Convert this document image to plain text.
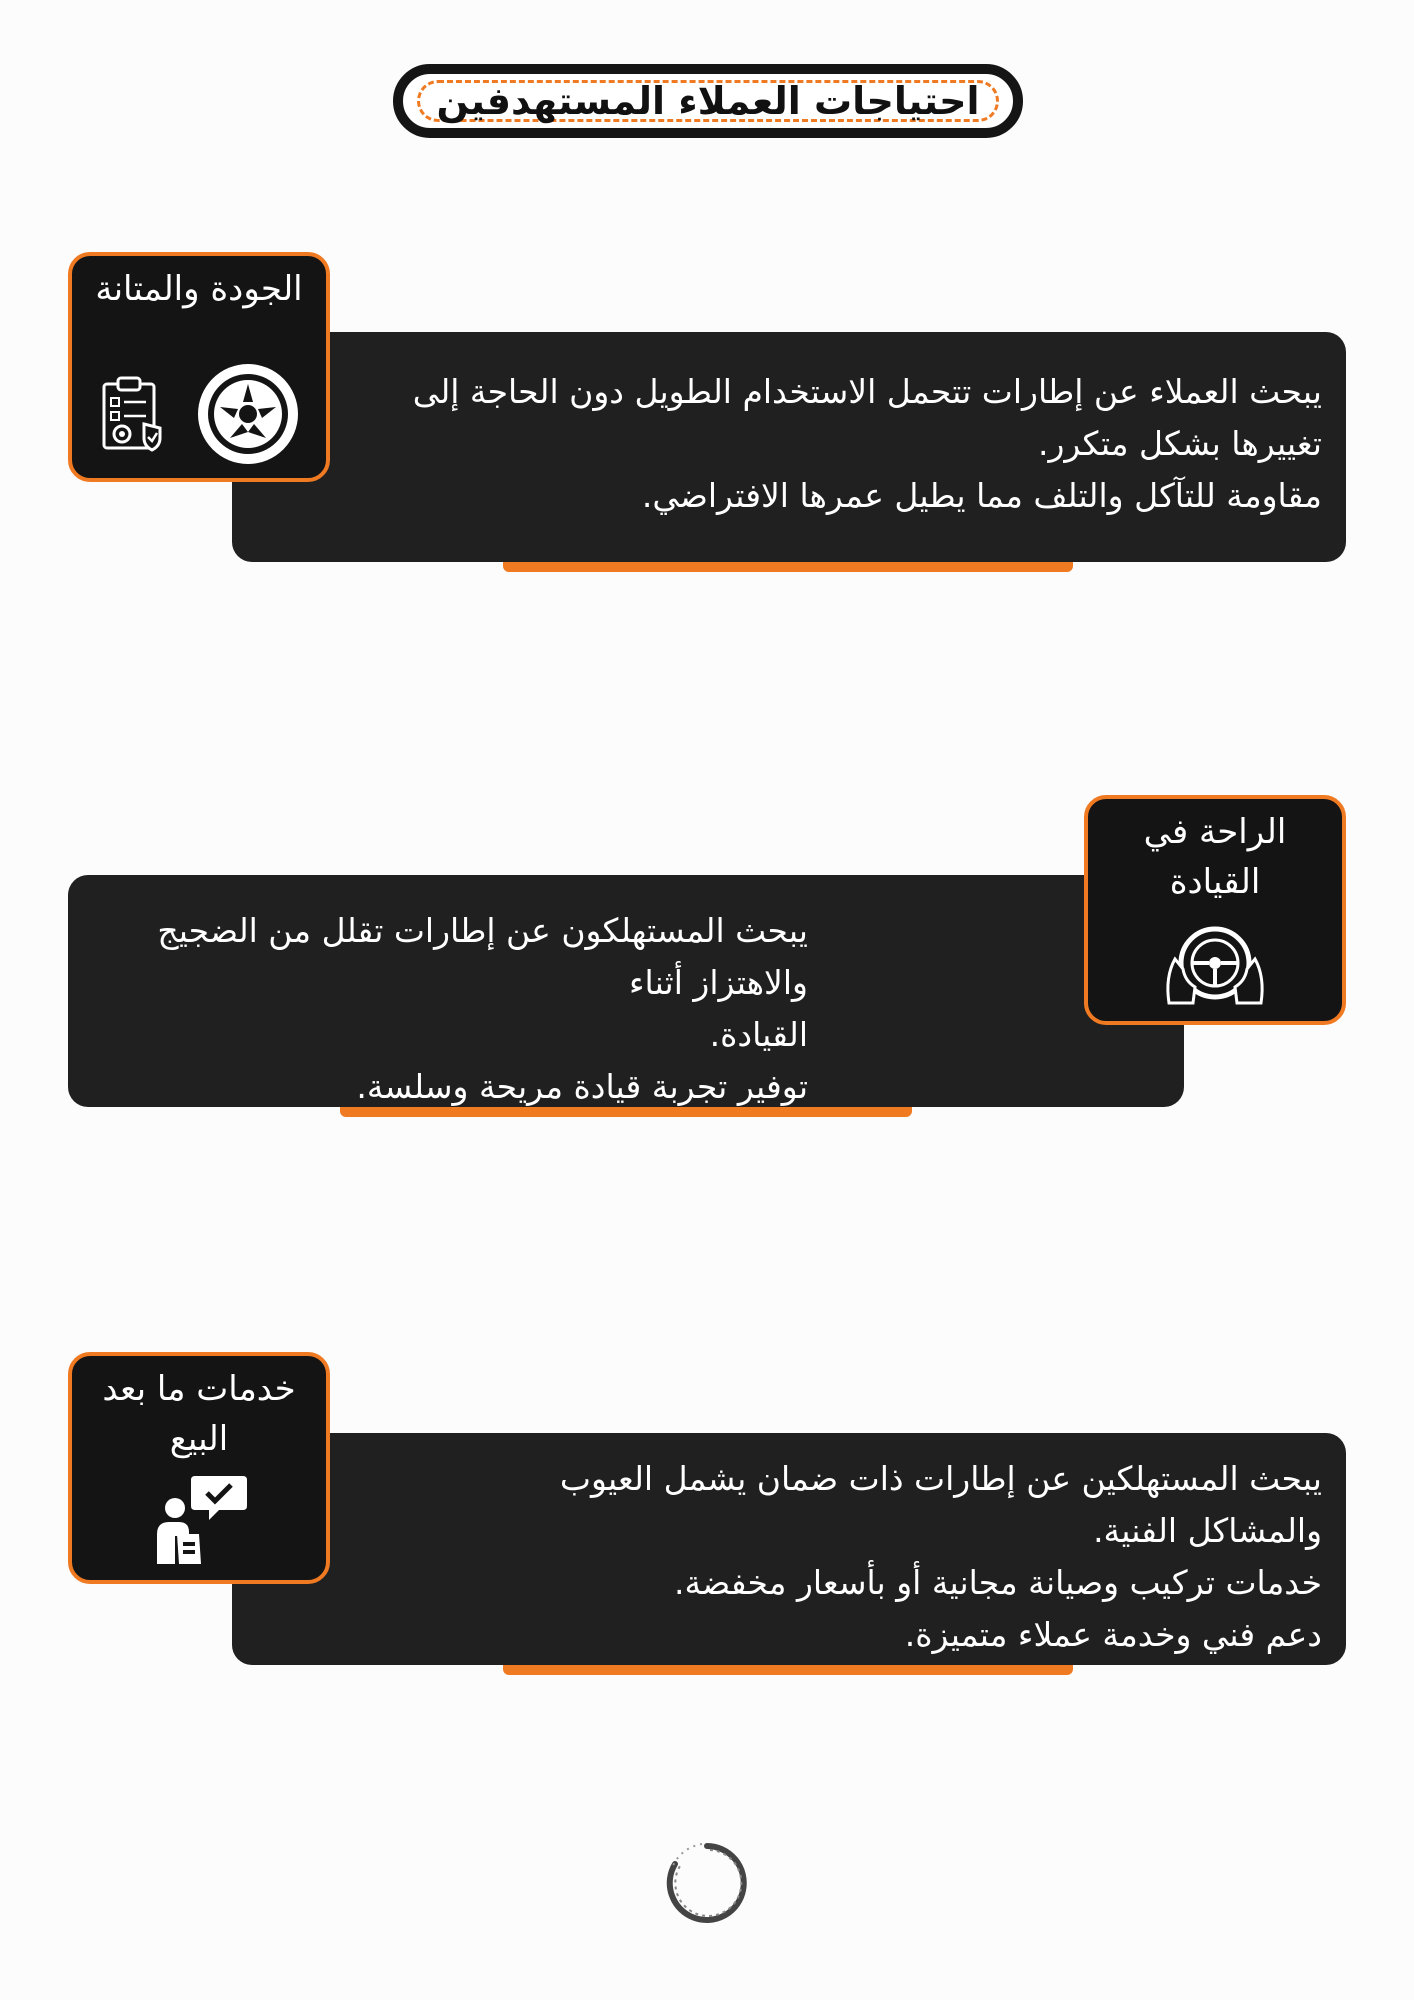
احتياجات العملاء المستهدفين
يبحث العملاء عن إطارات تتحمل الاستخدام الطويل دون الحاجة إلى
تغييرها بشكل متكرر.
مقاومة للتآكل والتلف مما يطيل عمرها الافتراضي.
الجودة والمتانة
يبحث المستهلكون عن إطارات تقلل من الضجيج والاهتزاز أثناء
القيادة.
توفير تجربة قيادة مريحة وسلسة.
الراحة في القيادة
يبحث المستهلكين عن إطارات ذات ضمان يشمل العيوب
والمشاكل الفنية.
خدمات تركيب وصيانة مجانية أو بأسعار مخفضة.
دعم فني وخدمة عملاء متميزة.
خدمات ما بعد البيع
